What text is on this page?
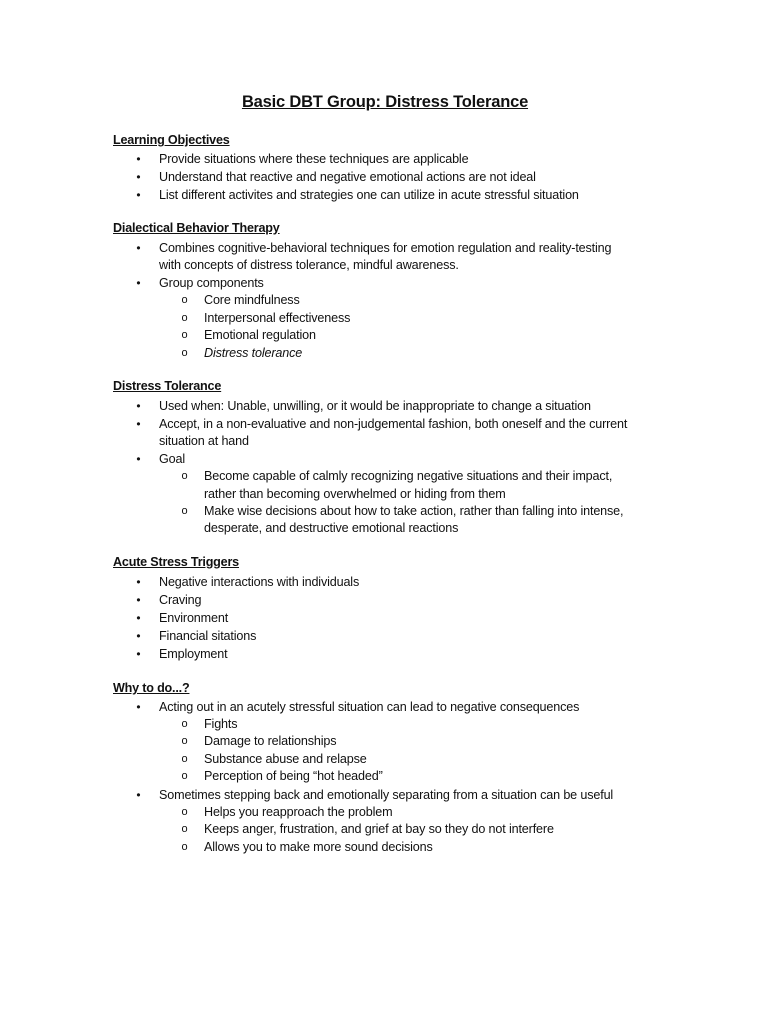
Basic DBT Group: Distress Tolerance
Learning Objectives
• Provide situations where these techniques are applicable
• Understand that reactive and negative emotional actions are not ideal
• List different activites and strategies one can utilize in acute stressful situation
Dialectical Behavior Therapy
• Combines cognitive-behavioral techniques for emotion regulation and reality-testing
with concepts of distress tolerance, mindful awareness.
• Group components
o Core mindfulness
o Interpersonal effectiveness
o Emotional regulation
o Distress tolerance
Distress Tolerance
• Used when: Unable, unwilling, or it would be inappropriate to change a situation
• Accept, in a non-evaluative and non-judgemental fashion, both oneself and the current
situation at hand
• Goal
o Become capable of calmly recognizing negative situations and their impact,
rather than becoming overwhelmed or hiding from them
o Make wise decisions about how to take action, rather than falling into intense,
desperate, and destructive emotional reactions
Acute Stress Triggers
• Negative interactions with individuals
• Craving
• Environment
• Financial sitations
• Employment
Why to do...?
• Acting out in an acutely stressful situation can lead to negative consequences
o Fights
o Damage to relationships
o Substance abuse and relapse
o Perception of being “hot headed”
• Sometimes stepping back and emotionally separating from a situation can be useful
o Helps you reapproach the problem
o Keeps anger, frustration, and grief at bay so they do not interfere
o Allows you to make more sound decisions
